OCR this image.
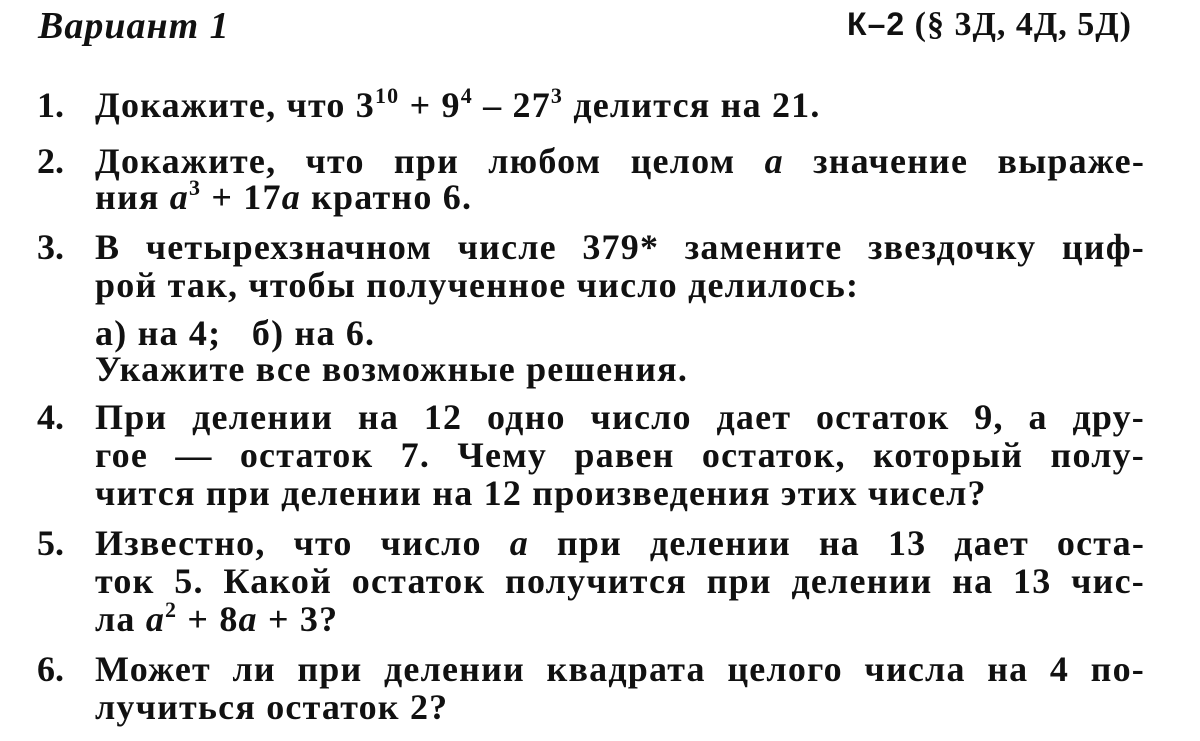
Вариант 1	К–2 (§ 3Д, 4Д, 5Д)
1. Докажите, что $3^{10} + 9^4 - 27^3$ делится на 21.
2. Докажите, что при любом целом a значение выраже-
ния $a^3 + 17a$ кратно 6.
3. В четырехзначном числе 379* замените звездочку циф-
рой так, чтобы полученное число делилось:
а) на 4;   б) на 6.
Укажите все возможные решения.
4. При делении на 12 одно число дает остаток 9, а дру-
гое — остаток 7. Чему равен остаток, который полу-
чится при делении на 12 произведения этих чисел?
5. Известно, что число a при делении на 13 дает оста-
ток 5. Какой остаток получится при делении на 13 чис-
ла $a^2 + 8a + 3$?
6. Может ли при делении квадрата целого числа на 4 по-
лучиться остаток 2?
